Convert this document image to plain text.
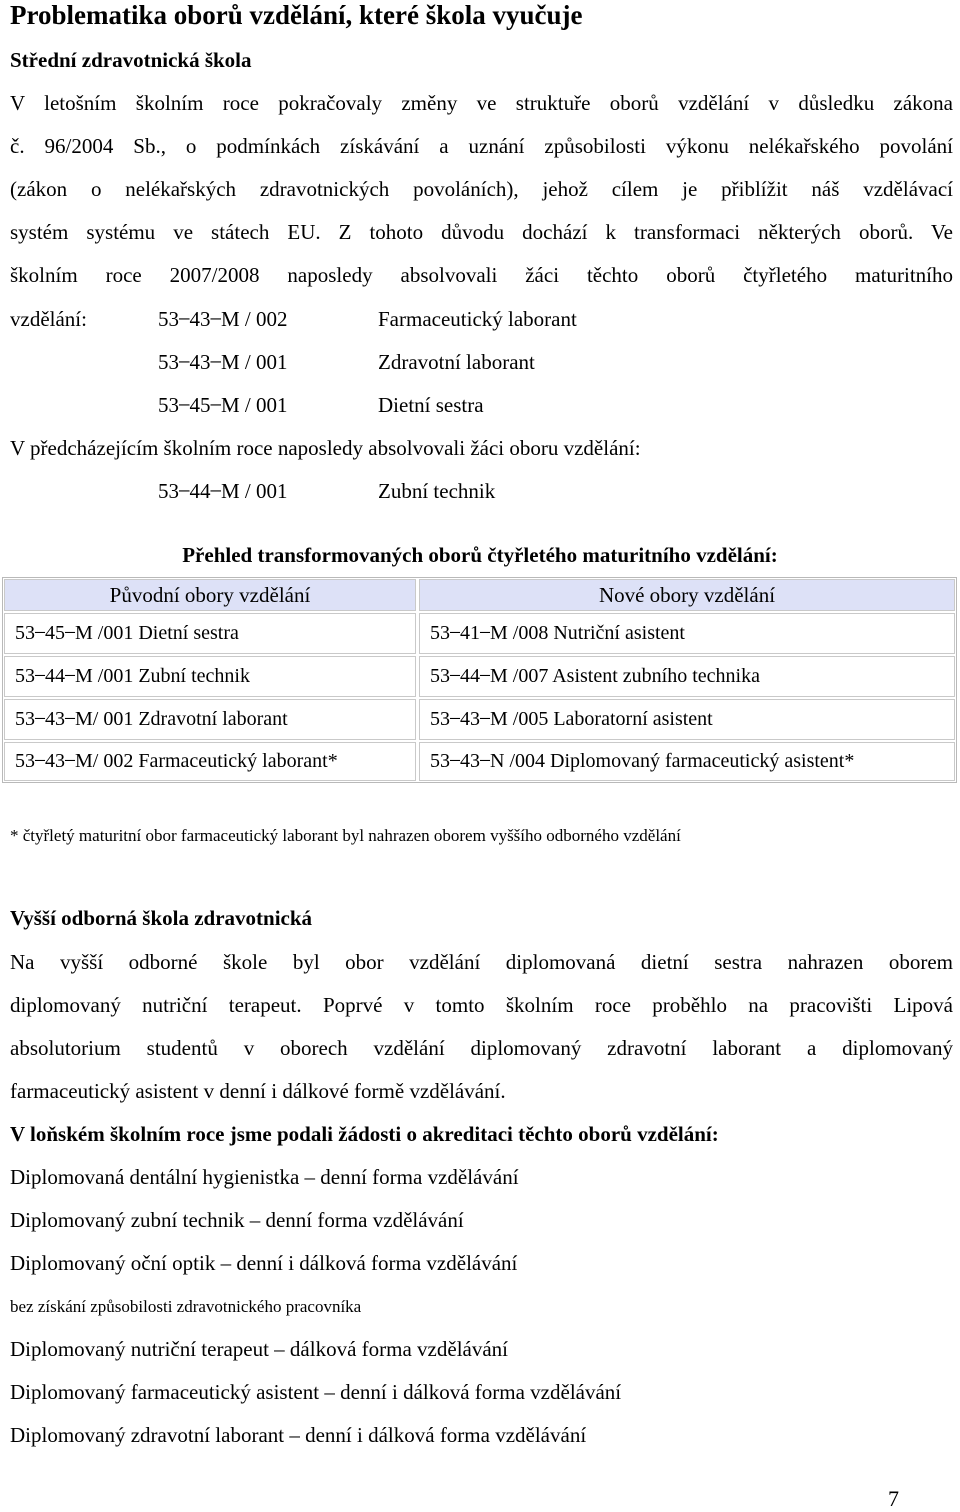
Problematika oborů vzdělání, které škola vyučuje
Střední zdravotnická škola
V letošním školním roce pokračovaly změny ve struktuře oborů vzdělání v důsledku zákona
č. 96/2004 Sb., o podmínkách získávání a uznání způsobilosti výkonu nelékařského povolání
(zákon o nelékařských zdravotnických povoláních), jehož cílem je přiblížit náš vzdělávací
systém systému ve státech EU. Z tohoto důvodu dochází k transformaci některých oborů. Ve
školním roce 2007/2008 naposledy absolvovali žáci těchto oborů čtyřletého maturitního
vzdělání:	53 ̶ 43 ̶ M / 002	Farmaceutický laborant
53 ̶ 43 ̶ M / 001	Zdravotní laborant
53 ̶ 45 ̶ M / 001	Dietní sestra
V předcházejícím školním roce naposledy absolvovali žáci oboru vzdělání:
53 ̶ 44 ̶ M / 001	Zubní technik
Přehled transformovaných oborů čtyřletého maturitního vzdělání:
Původní obory vzdělání	Nové obory vzdělání
53 ̶ 45 ̶ M /001 Dietní sestra	53 ̶ 41 ̶ M /008 Nutriční asistent
53 ̶ 44 ̶ M /001 Zubní technik	53 ̶ 44 ̶ M /007 Asistent zubního technika
53 ̶ 43 ̶ M/ 001 Zdravotní laborant	53 ̶ 43 ̶ M /005 Laboratorní asistent
53 ̶ 43 ̶ M/ 002 Farmaceutický laborant*	53 ̶ 43 ̶ N /004 Diplomovaný farmaceutický asistent*
* čtyřletý maturitní obor farmaceutický laborant byl nahrazen oborem vyššího odborného vzdělání
Vyšší odborná škola zdravotnická
Na vyšší odborné škole byl obor vzdělání diplomovaná dietní sestra nahrazen oborem
diplomovaný nutriční terapeut. Poprvé v tomto školním roce proběhlo na pracovišti Lipová
absolutorium studentů v oborech vzdělání diplomovaný zdravotní laborant a diplomovaný
farmaceutický asistent v denní i dálkové formě vzdělávání.
V loňském školním roce jsme podali žádosti o akreditaci těchto oborů vzdělání:
Diplomovaná dentální hygienistka – denní forma vzdělávání
Diplomovaný zubní technik – denní forma vzdělávání
Diplomovaný oční optik – denní i dálková forma vzdělávání
bez získání způsobilosti zdravotnického pracovníka
Diplomovaný nutriční terapeut – dálková forma vzdělávání
Diplomovaný farmaceutický asistent – denní i dálková forma vzdělávání
Diplomovaný zdravotní laborant – denní i dálková forma vzdělávání
7
